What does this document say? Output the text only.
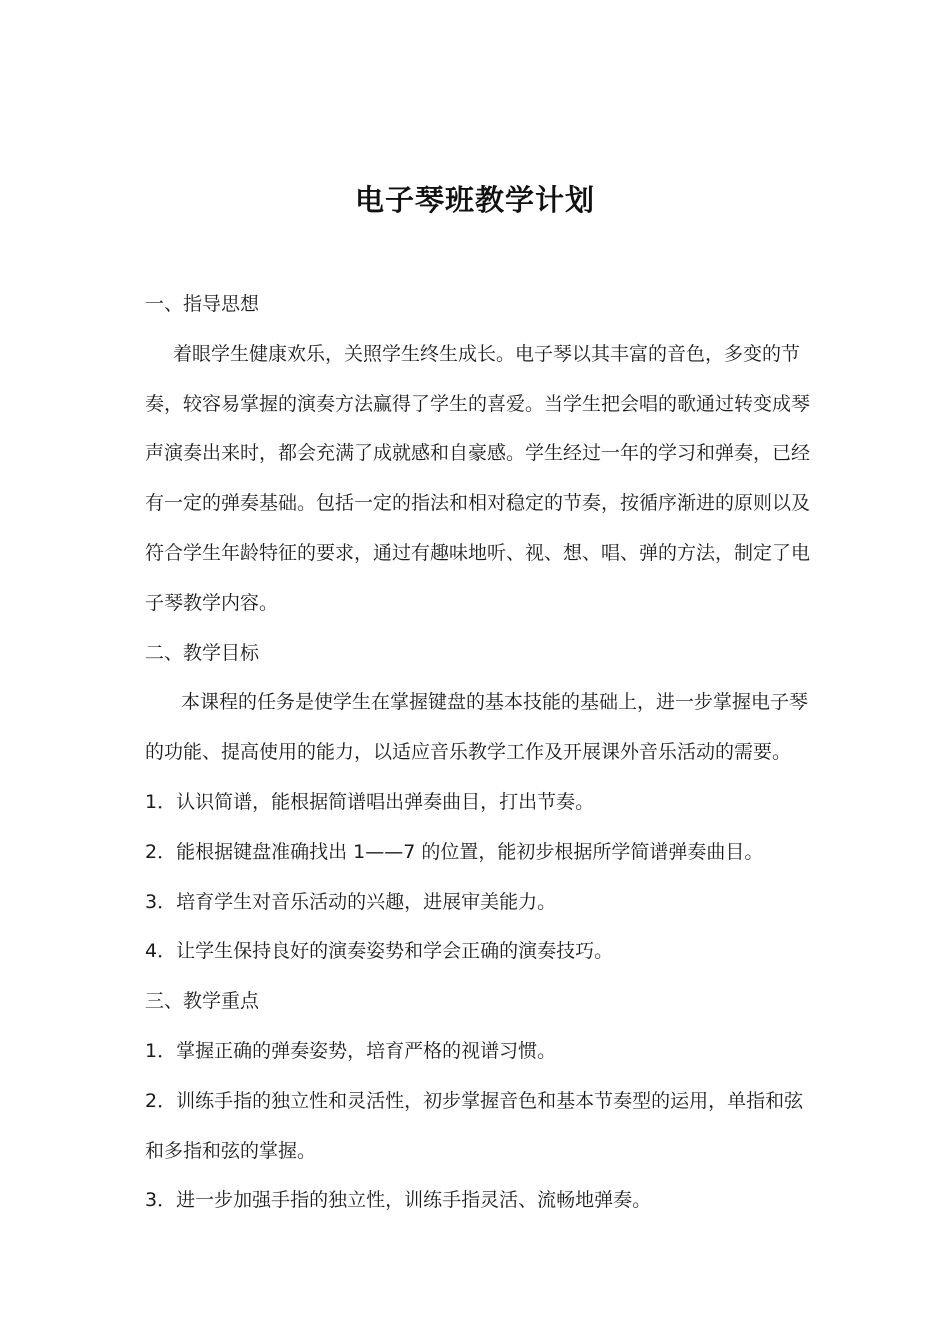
电子琴班教学计划

一、指导思想

着眼学生健康欢乐，关照学生终生成长。电子琴以其丰富的音色，多变的节奏，较容易掌握的演奏方法赢得了学生的喜爱。当学生把会唱的歌通过转变成琴声演奏出来时，都会充满了成就感和自豪感。学生经过一年的学习和弹奏，已经有一定的弹奏基础。包括一定的指法和相对稳定的节奏，按循序渐进的原则以及符合学生年龄特征的要求，通过有趣味地听、视、想、唱、弹的方法，制定了电子琴教学内容。

二、教学目标

本课程的任务是使学生在掌握键盘的基本技能的基础上，进一步掌握电子琴的功能、提高使用的能力，以适应音乐教学工作及开展课外音乐活动的需要。

1．认识简谱，能根据简谱唱出弹奏曲目，打出节奏。

2．能根据键盘准确找出 1——7 的位置，能初步根据所学简谱弹奏曲目。

3．培育学生对音乐活动的兴趣，进展审美能力。

4．让学生保持良好的演奏姿势和学会正确的演奏技巧。

三、教学重点

1．掌握正确的弹奏姿势，培育严格的视谱习惯。

2．训练手指的独立性和灵活性，初步掌握音色和基本节奏型的运用，单指和弦和多指和弦的掌握。

3．进一步加强手指的独立性，训练手指灵活、流畅地弹奏。
